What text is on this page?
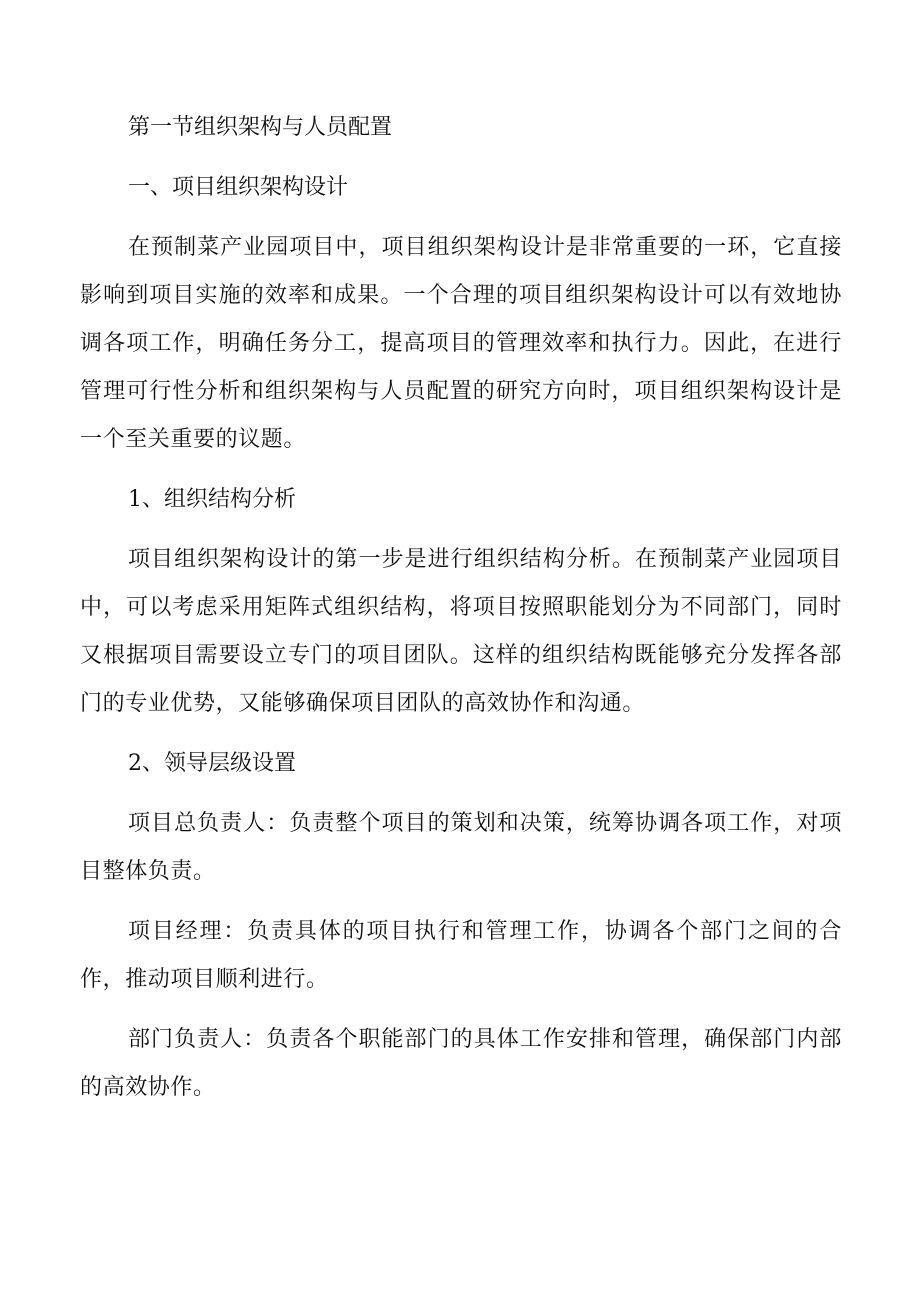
第一节组织架构与人员配置
一、项目组织架构设计

在预制菜产业园项目中，项目组织架构设计是非常重要的一环，它直接影响到项目实施的效率和成果。一个合理的项目组织架构设计可以有效地协调各项工作，明确任务分工，提高项目的管理效率和执行力。因此，在进行管理可行性分析和组织架构与人员配置的研究方向时，项目组织架构设计是一个至关重要的议题。

1、组织结构分析

项目组织架构设计的第一步是进行组织结构分析。在预制菜产业园项目中，可以考虑采用矩阵式组织结构，将项目按照职能划分为不同部门，同时又根据项目需要设立专门的项目团队。这样的组织结构既能够充分发挥各部门的专业优势，又能够确保项目团队的高效协作和沟通。

2、领导层级设置

项目总负责人：负责整个项目的策划和决策，统筹协调各项工作，对项目整体负责。

项目经理：负责具体的项目执行和管理工作，协调各个部门之间的合作，推动项目顺利进行。

部门负责人：负责各个职能部门的具体工作安排和管理，确保部门内部的高效协作。
